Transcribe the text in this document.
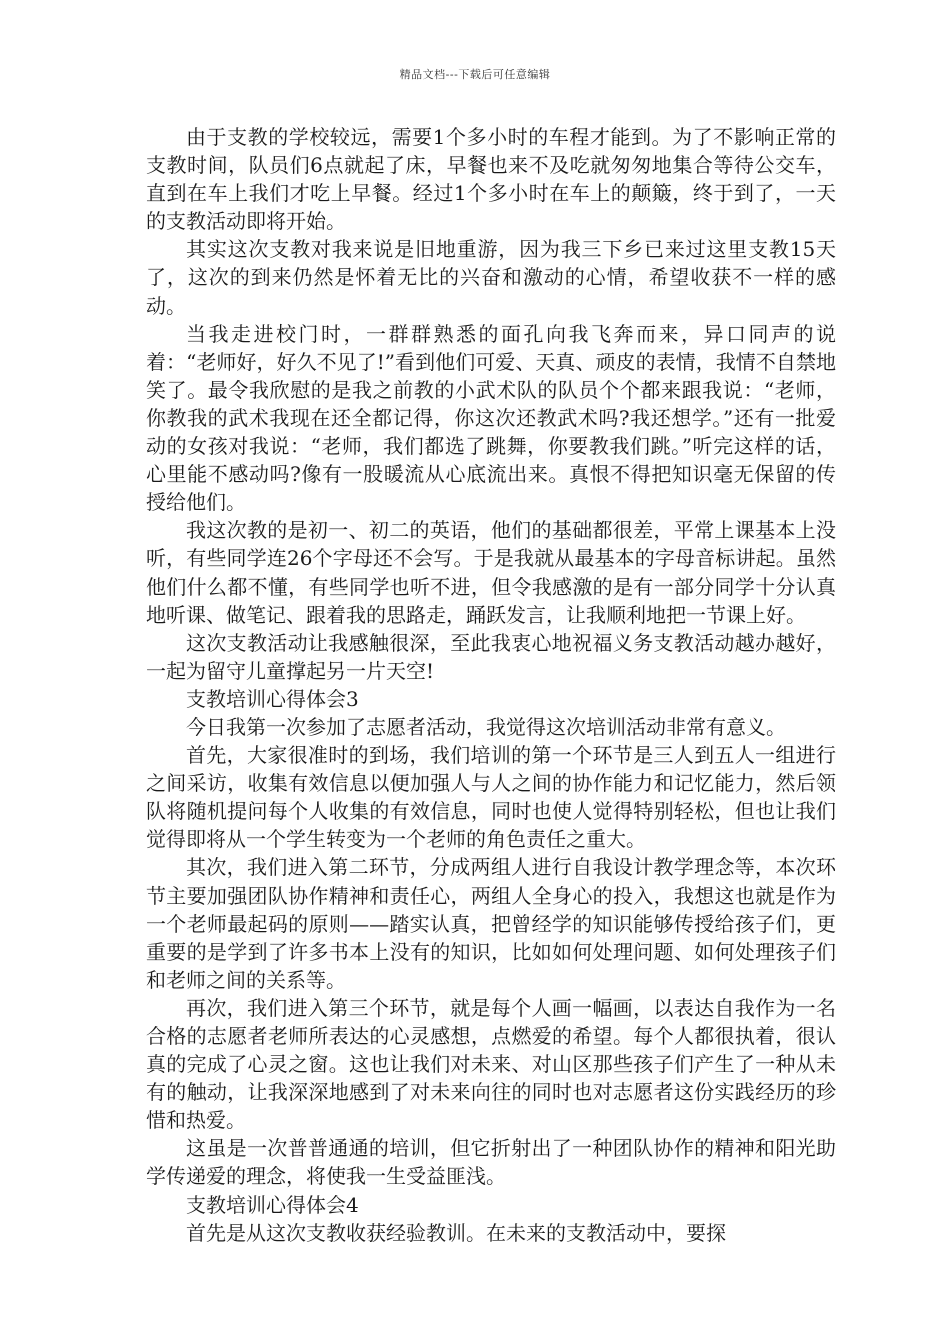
精品文档---下载后可任意编辑

由于支教的学校较远，需要1个多小时的车程才能到。为了不影响正常的支教时间，队员们6点就起了床，早餐也来不及吃就匆匆地集合等待公交车，直到在车上我们才吃上早餐。经过1个多小时在车上的颠簸，终于到了，一天的支教活动即将开始。

其实这次支教对我来说是旧地重游，因为我三下乡已来过这里支教15天了，这次的到来仍然是怀着无比的兴奋和激动的心情，希望收获不一样的感动。

当我走进校门时，一群群熟悉的面孔向我飞奔而来，异口同声的说着：“老师好，好久不见了!”看到他们可爱、天真、顽皮的表情，我情不自禁地笑了。最令我欣慰的是我之前教的小武术队的队员个个都来跟我说：“老师，你教我的武术我现在还全都记得，你这次还教武术吗?我还想学。”还有一批爱动的女孩对我说：“老师，我们都选了跳舞，你要教我们跳。”听完这样的话，心里能不感动吗?像有一股暖流从心底流出来。真恨不得把知识毫无保留的传授给他们。

我这次教的是初一、初二的英语，他们的基础都很差，平常上课基本上没听，有些同学连26个字母还不会写。于是我就从最基本的字母音标讲起。虽然他们什么都不懂，有些同学也听不进，但令我感激的是有一部分同学十分认真地听课、做笔记、跟着我的思路走，踊跃发言，让我顺利地把一节课上好。

这次支教活动让我感触很深，至此我衷心地祝福义务支教活动越办越好，一起为留守儿童撑起另一片天空!

支教培训心得体会3

今日我第一次参加了志愿者活动，我觉得这次培训活动非常有意义。

首先，大家很准时的到场，我们培训的第一个环节是三人到五人一组进行之间采访，收集有效信息以便加强人与人之间的协作能力和记忆能力，然后领队将随机提问每个人收集的有效信息，同时也使人觉得特别轻松，但也让我们觉得即将从一个学生转变为一个老师的角色责任之重大。

其次，我们进入第二环节，分成两组人进行自我设计教学理念等，本次环节主要加强团队协作精神和责任心，两组人全身心的投入，我想这也就是作为一个老师最起码的原则——踏实认真，把曾经学的知识能够传授给孩子们，更重要的是学到了许多书本上没有的知识，比如如何处理问题、如何处理孩子们和老师之间的关系等。

再次，我们进入第三个环节，就是每个人画一幅画，以表达自我作为一名合格的志愿者老师所表达的心灵感想，点燃爱的希望。每个人都很执着，很认真的完成了心灵之窗。这也让我们对未来、对山区那些孩子们产生了一种从未有的触动，让我深深地感到了对未来向往的同时也对志愿者这份实践经历的珍惜和热爱。

这虽是一次普普通通的培训，但它折射出了一种团队协作的精神和阳光助学传递爱的理念，将使我一生受益匪浅。

支教培训心得体会4

首先是从这次支教收获经验教训。在未来的支教活动中，要探
